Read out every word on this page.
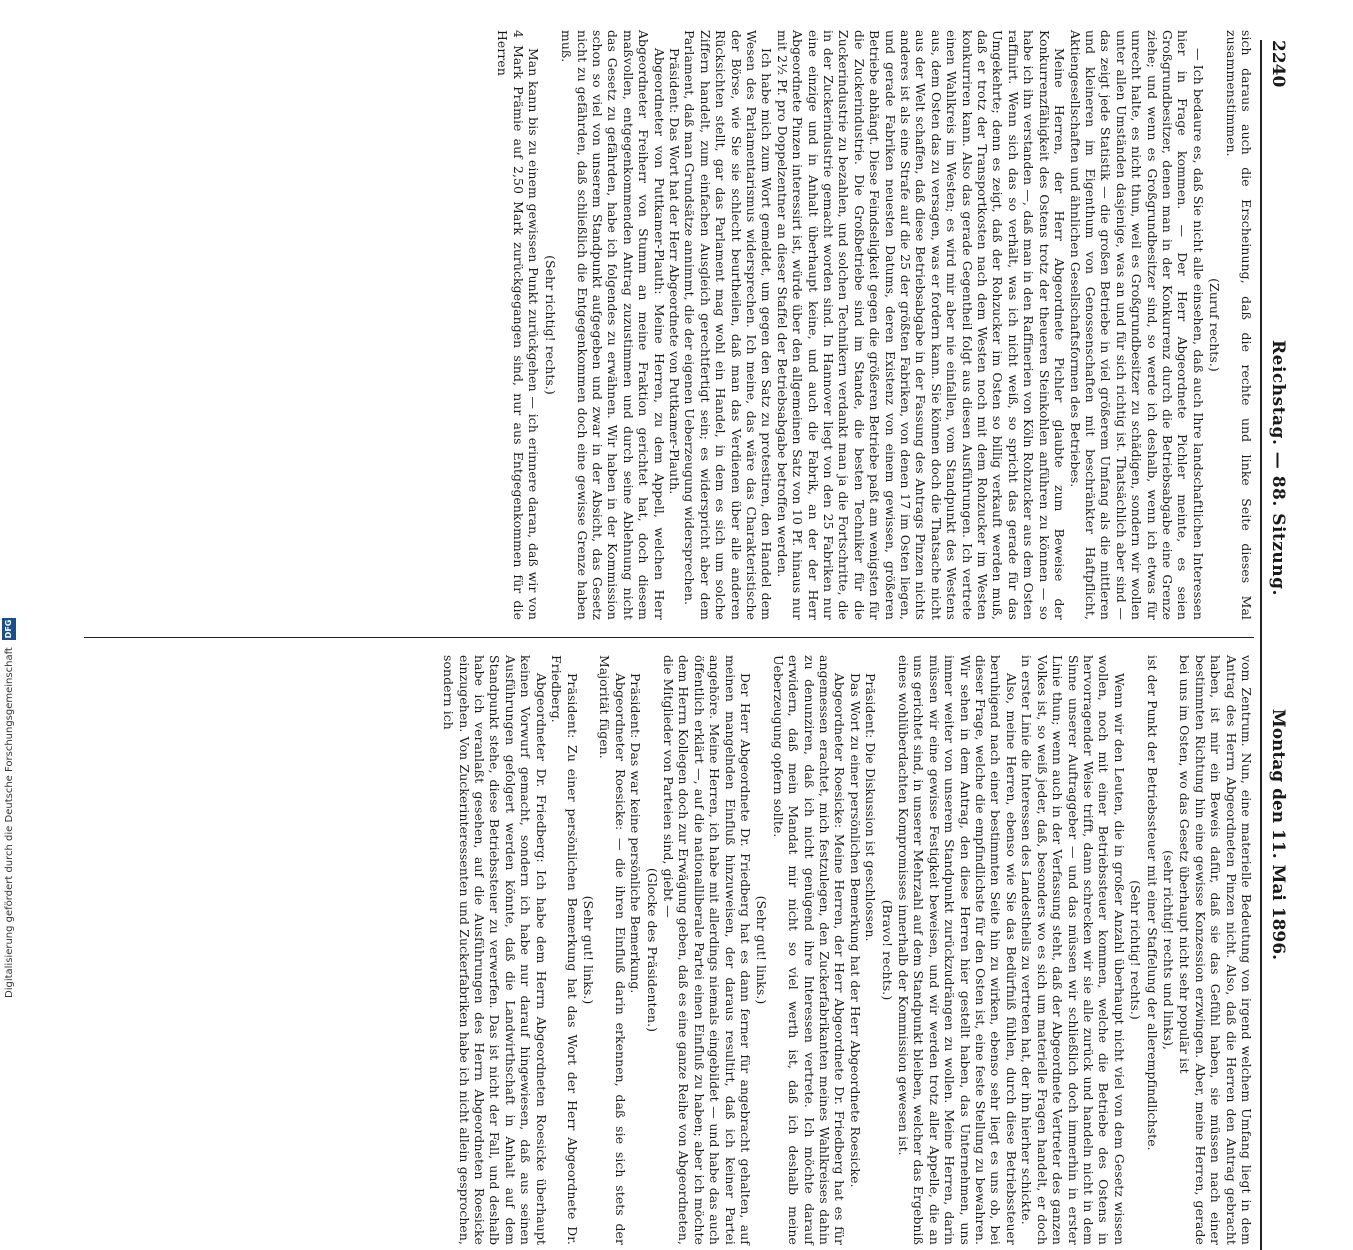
2240
Reichstag. — 88. Sitzung.
Montag den 11. Mai 1896.

sich daraus auch die Erscheinung, daß die rechte und linke Seite dieses Mal zusammenstimmen.

(Zuruf rechts.)

— Ich bedaure es, daß Sie nicht alle einsehen, daß auch Ihre landschaftlichen Interessen hier in Frage kommen. — Der Herr Abgeordnete Pichler meinte, es seien Großgrundbesitzer, denen man in der Konkurrenz durch die Betriebsabgabe eine Grenze ziehe; und wenn es Großgrundbesitzer sind, so werde ich deshalb, wenn ich etwas für unrecht halte, es nicht thun, weil es Großgrundbesitzer zu schädigen, sondern wir wollen unter allen Umständen dasjenige, was an und für sich richtig ist. Thatsächlich aber sind — das zeigt jede Statistik — die großen Betriebe in viel größerem Umfang als die mittleren und kleineren im Eigenthum von Genossenschaften mit beschränkter Haftpflicht, Aktiengesellschaften und ähnlichen Gesellschaftsformen des Betriebes.

Meine Herren, der Herr Abgeordnete Pichler glaubte zum Beweise der Konkurrenzfähigkeit des Ostens trotz der theueren Steinkohlen anführen zu können — so habe ich ihn verstanden —, daß man in den Raffinerien von Köln Rohzucker aus dem Osten raffinirt. Wenn sich das so verhält, was ich nicht weiß, so spricht das gerade für das Umgekehrte; denn es zeigt, daß der Rohzucker im Osten so billig verkauft werden muß, daß er trotz der Transportkosten nach dem Westen noch mit dem Rohzucker im Westen konkurriren kann. Also das gerade Gegentheil folgt aus diesen Ausführungen. Ich vertrete einen Wahlkreis im Westen; es wird mir aber nie einfallen, vom Standpunkt des Westens aus, dem Osten das zu versagen, was er fordern kann. Sie können doch die Thatsache nicht aus der Welt schaffen, daß diese Betriebsabgabe in der Fassung des Antrags Pinzen nichts anderes ist als eine Strafe auf die 25 der größten Fabriken, von denen 17 im Osten liegen, und gerade Fabriken neuesten Datums, deren Existenz von einem gewissen, größeren Betriebe abhängt. Diese Feindseligkeit gegen die größeren Betriebe paßt am wenigsten für die Zuckerindustrie. Die Großbetriebe sind im Stande, die besten Techniker für die Zuckerindustrie zu bezahlen, und solchen Technikern verdankt man ja die Fortschritte, die in der Zuckerindustrie gemacht worden sind. In Hannover liegt von den 25 Fabriken nur eine einzige und in Anhalt überhaupt keine, und auch die Fabrik, an der der Herr Abgeordnete Pinzen interessirt ist, würde über den allgemeinen Satz von 10 Pf. hinaus nur mit 2½ Pf. pro Doppelzentner an dieser Staffel der Betriebsabgabe betroffen werden.

Ich habe mich zum Wort gemeldet, um gegen den Satz zu protestiren, den Handel dem Wesen des Parlamentarismus widersprechen. Ich meine, das wäre das Charakteristische der Börse, wie Sie sie schlecht beurtheilen, daß man das Verdienen über alle anderen Rücksichten stellt, gar das Parlament mag wohl ein Handel, in dem es sich um solche Ziffern handelt, zum einfachen Ausgleich gerechtfertigt sein; es widerspricht aber dem Parlament, daß man Grundsätze annimmt, die der eigenen Ueberzeugung widersprechen.

Präsident: Das Wort hat der Herr Abgeordnete von Puttkamer-Plauth.

Abgeordneter von Puttkamer-Plauth: Meine Herren, zu dem Appell, welchen Herr Abgeordneter Freiherr von Stumm an meine Fraktion gerichtet hat, doch diesem maßvollen, entgegenkommenden Antrag zuzustimmen und durch seine Ablehnung nicht das Gesetz zu gefährden, habe ich folgendes zu erwähnen. Wir haben in der Kommission schon so viel von unserem Standpunkt aufgegeben und zwar in der Absicht, das Gesetz nicht zu gefährden, daß schließlich die Entgegenkommen doch eine gewisse Grenze haben muß.

(Sehr richtig! rechts.)

Man kann bis zu einem gewissen Punkt zurückgehen — ich erinnere daran, daß wir von 4 Mark Prämie auf 2,50 Mark zurückgegangen sind, nur aus Entgegenkommen für die Herren

vom Zentrum. Nun, eine materielle Bedeutung von irgend welchem Umfang liegt in dem Antrag des Herrn Abgeordneten Pinzen nicht. Also, daß die Herren den Antrag gebracht haben, ist mir ein Beweis dafür, daß sie das Gefühl haben, sie müssen nach einer bestimmten Richtung hin eine gewisse Konzession erzwingen. Aber, meine Herren, gerade bei uns im Osten, wo das Gesetz überhaupt nicht sehr populär ist

(sehr richtig! rechts und links),

ist der Punkt der Betriebssteuer mit einer Staffelung der allerempfindlichste.

(Sehr richtig! rechts.)

Wenn wir den Leuten, die in großer Anzahl überhaupt nicht viel von dem Gesetz wissen wollen, noch mit einer Betriebssteuer kommen, welche die Betriebe des Ostens in hervorragender Weise trifft, dann schrecken wir sie alle zurück und handeln nicht in dem Sinne unserer Auftraggeber — und das müssen wir schließlich doch immerhin in erster Linie thun; wenn auch in der Verfassung steht, daß der Abgeordnete Vertreter des ganzen Volkes ist, so weiß jeder, daß, besonders wo es sich um materielle Fragen handelt, er doch in erster Linie die Interessen des Landestheils zu vertreten hat, der ihn hierher schickte.

Also, meine Herren, ebenso wie Sie das Bedürfniß fühlen, durch diese Betriebssteuer beruhigend nach einer bestimmten Seite hin zu wirken, ebenso sehr liegt es uns ob, bei dieser Frage, welche die empfindlichste für den Osten ist, eine feste Stellung zu bewahren. Wir sehen in dem Antrag, den diese Herren hier gestellt haben, das Unternehmen, uns immer weiter von unserem Standpunkt zurückzudrängen zu wollen. Meine Herren, darin müssen wir eine gewisse Festigkeit beweisen, und wir werden trotz aller Appelle, die an uns gerichtet sind, in unserer Mehrzahl auf dem Standpunkt bleiben, welcher das Ergebniß eines wohlüberdachten Kompromisses innerhalb der Kommission gewesen ist.

(Bravo! rechts.)

Präsident: Die Diskussion ist geschlossen.

Das Wort zu einer persönlichen Bemerkung hat der Herr Abgeordnete Roesicke.

Abgeordneter Roesicke: Meine Herren, der Herr Abgeordnete Dr. Friedberg hat es für angemessen erachtet, mich festzulegen, den Zuckerfabrikanten meines Wahlkreises dahin zu denunziren, daß ich nicht genügend ihre Interessen vertrete. Ich möchte darauf erwidern, daß mein Mandat mir nicht so viel werth ist, daß ich deshalb meine Ueberzeugung opfern sollte.

(Sehr gut! links.)

Der Herr Abgeordnete Dr. Friedberg hat es dann ferner für angebracht gehalten, auf meinen mangelnden Einfluß hinzuweisen, der daraus resultirt, daß ich keiner Partei angehöre. Meine Herren, ich habe mit allerdings niemals eingebildet — und habe das auch öffentlich erklärt —, auf die nationalliberale Partei einen Einfluß zu haben; aber ich möchte dem Herrn Kollegen doch zur Erwägung geben, daß es eine ganze Reihe von Abgeordneten, die Mitglieder von Parteien sind, giebt —

(Glocke des Präsidenten.)

Präsident: Das war keine persönliche Bemerkung.

Abgeordneter Roesicke: — die ihren Einfluß darin erkennen, daß sie sich stets der Majorität fügen.

(Sehr gut! links.)

Präsident: Zu einer persönlichen Bemerkung hat das Wort der Herr Abgeordnete Dr. Friedberg.

Abgeordneter Dr. Friedberg: Ich habe dem Herrn Abgeordneten Roesicke überhaupt keinen Vorwurf gemacht, sondern ich habe nur darauf hingewiesen, daß aus seinen Ausführungen gefolgert werden könnte, daß die Landwirthschaft in Anhalt auf dem Standpunkt stehe, diese Betriebssteuer zu verwerfen. Das ist nicht der Fall, und deshalb habe ich veranlaßt gesehen, auf die Ausführungen des Herrn Abgeordneten Roesicke einzugehen. Von Zuckerinteressenten und Zuckerfabriken habe ich nicht allein gesprochen, sondern ich

Digitalisierung gefördert durch die Deutsche Forschungsgemeinschaft DFG
